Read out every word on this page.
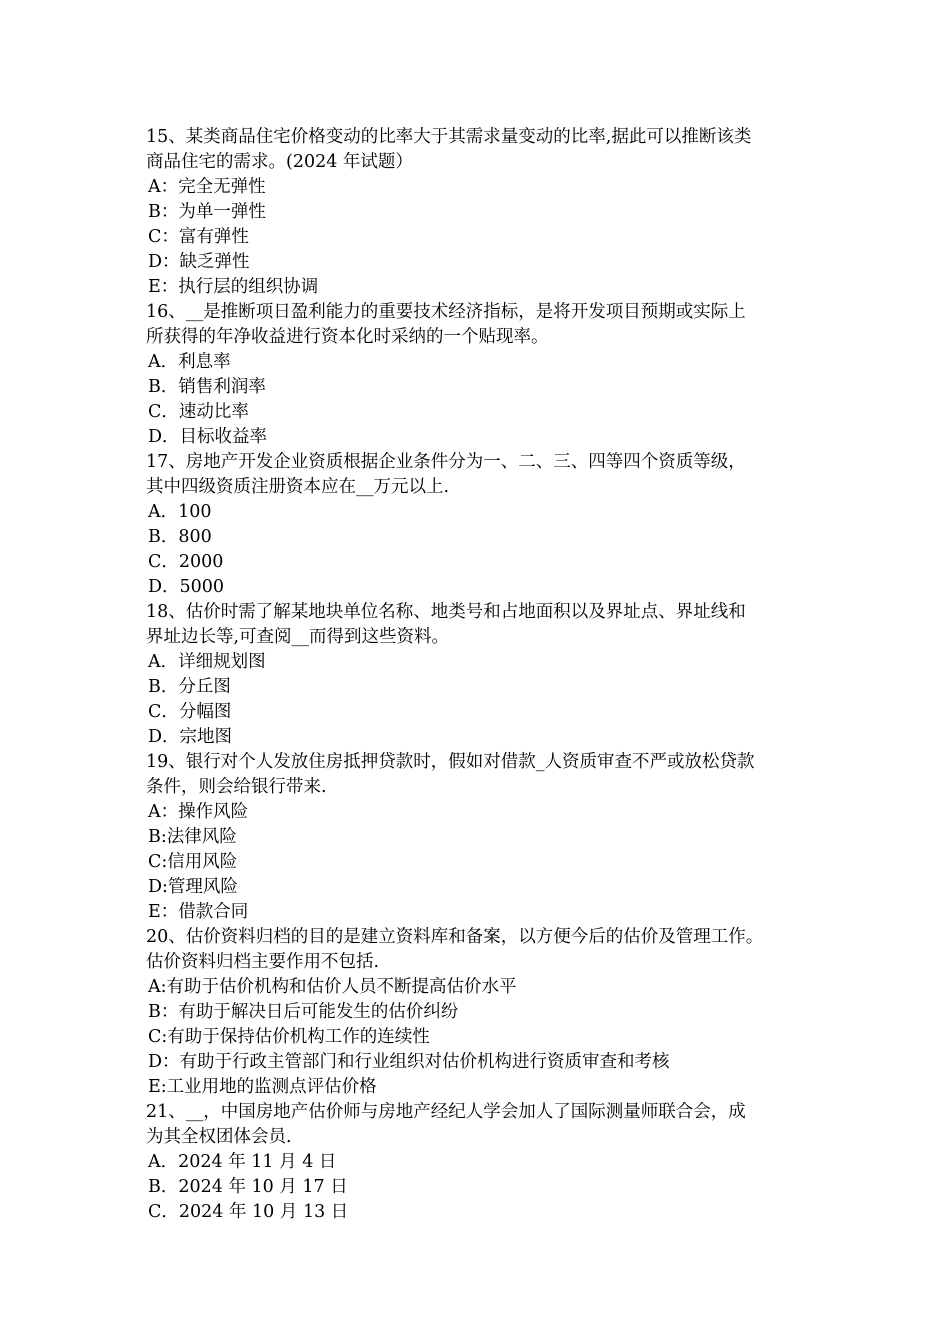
15、某类商品住宅价格变动的比率大于其需求量变动的比率,据此可以推断该类
商品住宅的需求。(2024 年试题）
A：完全无弹性
B：为单一弹性
C：富有弹性
D：缺乏弹性
E：执行层的组织协调
16、__是推断项日盈利能力的重要技术经济指标，是将开发项目预期或实际上
所获得的年净收益进行资本化时采纳的一个贴现率。
A．利息率
B．销售利润率
C．速动比率
D．目标收益率
17、房地产开发企业资质根据企业条件分为一、二、三、四等四个资质等级，
其中四级资质注册资本应在__万元以上.
A．100
B．800
C．2000
D．5000
18、估价时需了解某地块单位名称、地类号和占地面积以及界址点、界址线和
界址边长等,可查阅__而得到这些资料。
A．详细规划图
B．分丘图
C．分幅图
D．宗地图
19、银行对个人发放住房抵押贷款时，假如对借款_人资质审查不严或放松贷款
条件，则会给银行带来.
A：操作风险
B:法律风险
C:信用风险
D:管理风险
E：借款合同
20、估价资料归档的目的是建立资料库和备案，以方便今后的估价及管理工作。
估价资料归档主要作用不包括.
A:有助于估价机构和估价人员不断提高估价水平
B：有助于解决日后可能发生的估价纠纷
C:有助于保持估价机构工作的连续性
D：有助于行政主管部门和行业组织对估价机构进行资质审查和考核
E:工业用地的监测点评估价格
21、__，中国房地产估价师与房地产经纪人学会加人了国际测量师联合会，成
为其全权团体会员.
A．2024 年 11 月 4 日
B．2024 年 10 月 17 日
C．2024 年 10 月 13 日
